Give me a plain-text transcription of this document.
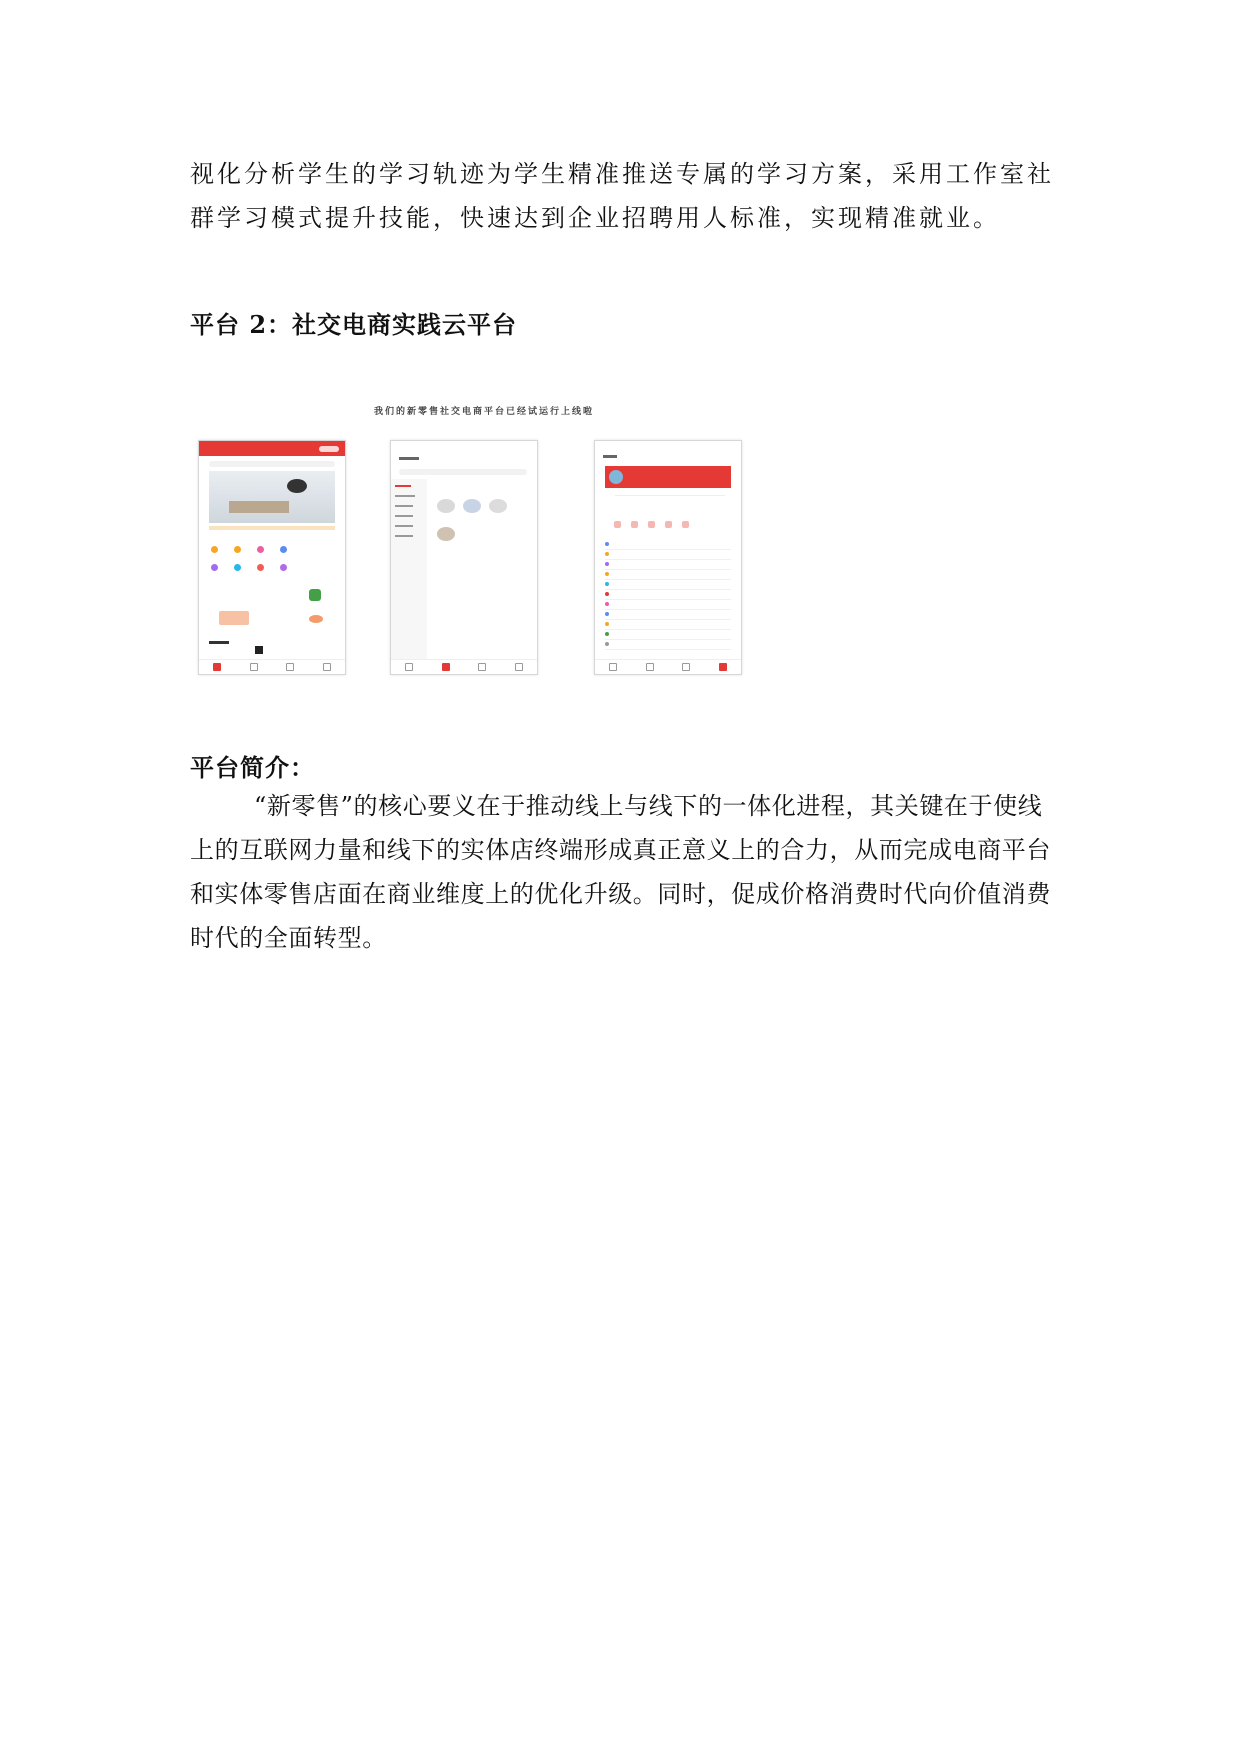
视化分析学生的学习轨迹为学生精准推送专属的学习方案，采用工作室社群学习模式提升技能，快速达到企业招聘用人标准，实现精准就业。

平台 2：社交电商实践云平台

我们的新零售社交电商平台已经试运行上线啦

平台简介：

“新零售”的核心要义在于推动线上与线下的一体化进程，其关键在于使线上的互联网力量和线下的实体店终端形成真正意义上的合力，从而完成电商平台和实体零售店面在商业维度上的优化升级。同时，促成价格消费时代向价值消费时代的全面转型。
